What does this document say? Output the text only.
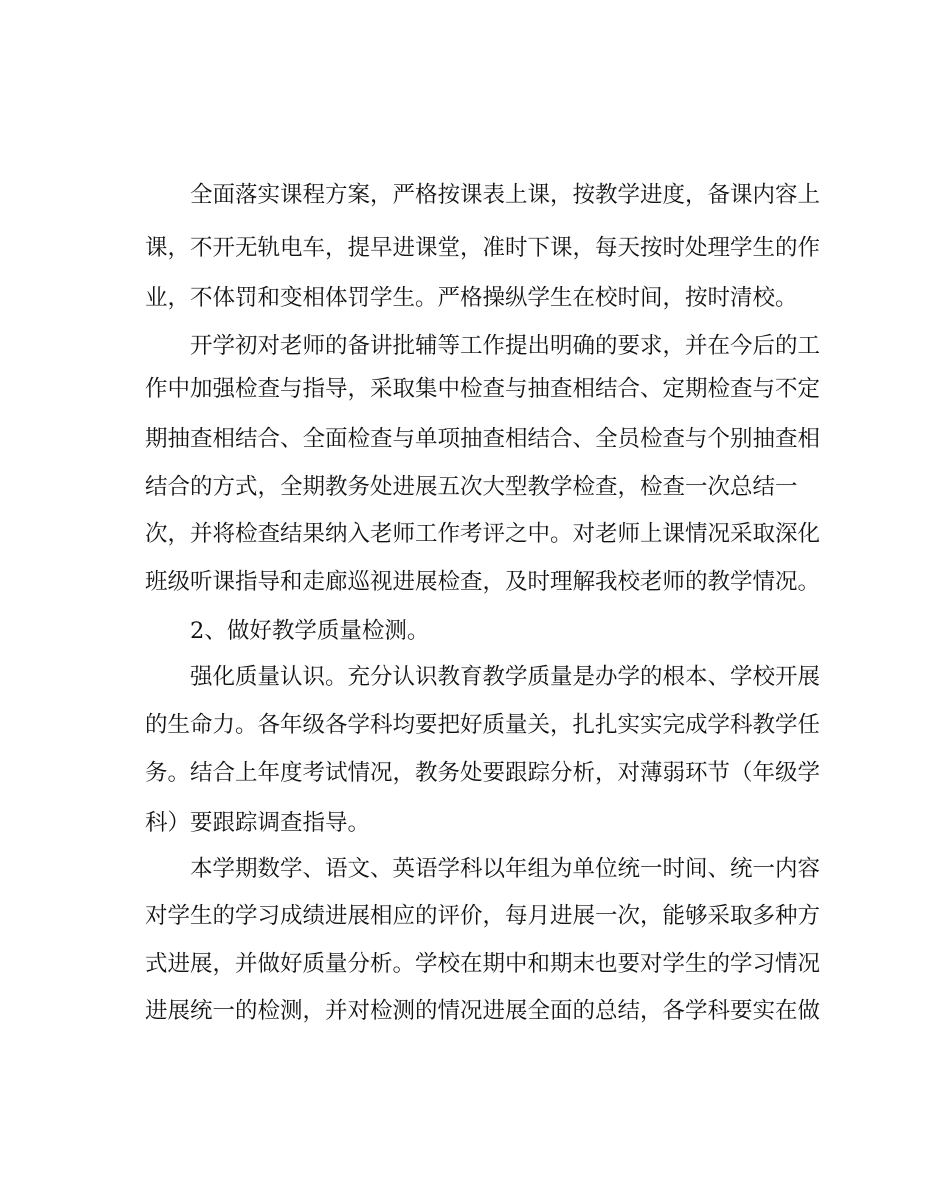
全面落实课程方案，严格按课表上课，按教学进度，备课内容上
课，不开无轨电车，提早进课堂，准时下课，每天按时处理学生的作
业，不体罚和变相体罚学生。严格操纵学生在校时间，按时清校。
开学初对老师的备讲批辅等工作提出明确的要求，并在今后的工
作中加强检查与指导，采取集中检查与抽查相结合、定期检查与不定
期抽查相结合、全面检查与单项抽查相结合、全员检查与个别抽查相
结合的方式，全期教务处进展五次大型教学检查，检查一次总结一
次，并将检查结果纳入老师工作考评之中。对老师上课情况采取深化
班级听课指导和走廊巡视进展检查，及时理解我校老师的教学情况。
2、做好教学质量检测。
强化质量认识。充分认识教育教学质量是办学的根本、学校开展
的生命力。各年级各学科均要把好质量关，扎扎实实完成学科教学任
务。结合上年度考试情况，教务处要跟踪分析，对薄弱环节（年级学
科）要跟踪调查指导。
本学期数学、语文、英语学科以年组为单位统一时间、统一内容
对学生的学习成绩进展相应的评价，每月进展一次，能够采取多种方
式进展，并做好质量分析。学校在期中和期末也要对学生的学习情况
进展统一的检测，并对检测的情况进展全面的总结，各学科要实在做
